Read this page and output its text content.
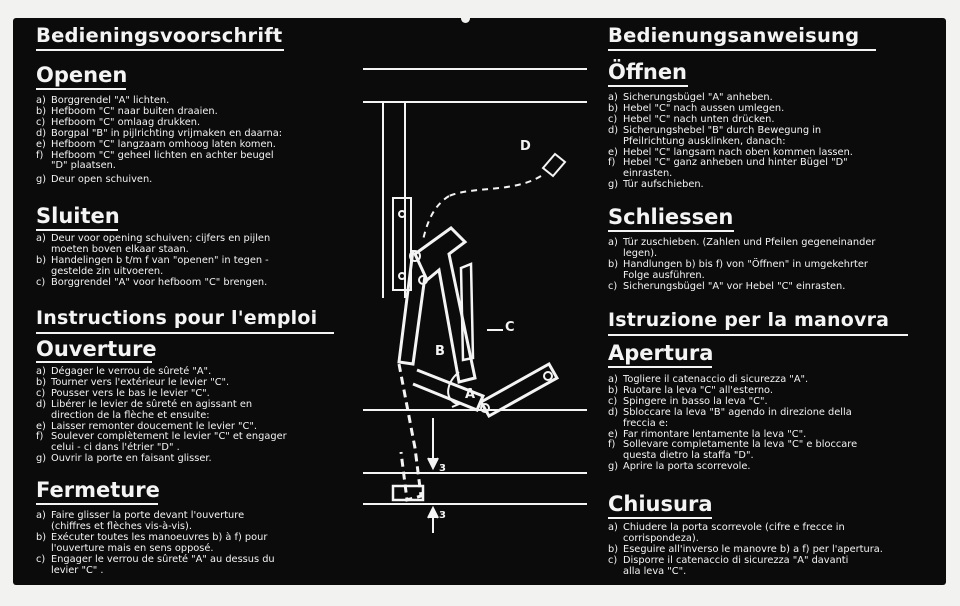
Bedieningsvoorschrift
Openen
a) Borggrendel "A" lichten.
b) Hefboom "C" naar buiten draaien.
c) Hefboom "C" omlaag drukken.
d) Borgpal "B" in pijlrichting vrijmaken en daarna:
e) Hefboom "C" langzaam omhoog laten komen.
f) Hefboom "C" geheel lichten en achter beugel
"D" plaatsen.
g) Deur open schuiven.
Sluiten
a) Deur voor opening schuiven; cijfers en pijlen
moeten boven elkaar staan.
b) Handelingen b t/m f van "openen" in tegen -
gestelde zin uitvoeren.
c) Borggrendel "A" voor hefboom "C" brengen.
Instructions pour l'emploi
Ouverture
a) Dégager le verrou de sûreté "A".
b) Tourner vers l'extérieur le levier "C".
c) Pousser vers le bas le levier "C".
d) Libérer le levier de sûreté en agissant en
direction de la flèche et ensuite:
e) Laisser remonter doucement le levier "C".
f) Soulever complètement le levier "C" et engager
celui - ci dans l'étrier "D" .
g) Ouvrir la porte en faisant glisser.
Fermeture
a) Faire glisser la porte devant l'ouverture
(chiffres et flèches vis-à-vis).
b) Exécuter toutes les manoeuvres b) à f) pour
l'ouverture mais en sens opposé.
c) Engager le verrou de sûreté "A" au dessus du
levier "C" .
D
C
B
A
3
3
Bedienungsanweisung
Öffnen
a) Sicherungsbügel "A" anheben.
b) Hebel "C" nach aussen umlegen.
c) Hebel "C" nach unten drücken.
d) Sicherungshebel "B" durch Bewegung in
Pfeilrichtung ausklinken, danach:
e) Hebel "C" langsam nach oben kommen lassen.
f) Hebel "C" ganz anheben und hinter Bügel "D"
einrasten.
g) Tür aufschieben.
Schliessen
a) Tür zuschieben. (Zahlen und Pfeilen gegeneinander
legen).
b) Handlungen b) bis f) von "Öffnen" in umgekehrter
Folge ausführen.
c) Sicherungsbügel "A" vor Hebel "C" einrasten.
Istruzione per la manovra
Apertura
a) Togliere il catenaccio di sicurezza "A".
b) Ruotare la leva "C" all'esterno.
c) Spingere in basso la leva "C".
d) Sbloccare la leva "B" agendo in direzione della
freccia e:
e) Far rimontare lentamente la leva "C".
f) Sollevare completamente la leva "C" e bloccare
questa dietro la staffa "D".
g) Aprire la porta scorrevole.
Chiusura
a) Chiudere la porta scorrevole (cifre e frecce in
corrispondeza).
b) Eseguire all'inverso le manovre b) a f) per l'apertura.
c) Disporre il catenaccio di sicurezza "A" davanti
alla leva "C".
